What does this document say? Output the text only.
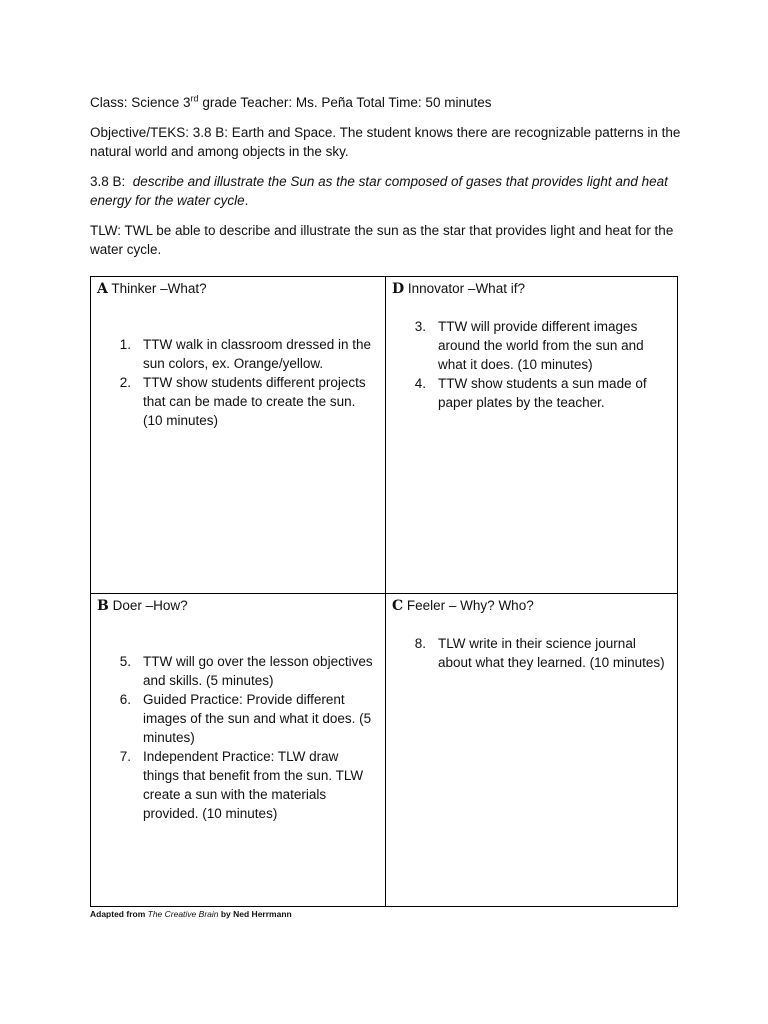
Class: Science 3rd grade Teacher: Ms. Peña Total Time: 50 minutes

Objective/TEKS: 3.8 B: Earth and Space. The student knows there are recognizable patterns in the natural world and among objects in the sky.

3.8 B: describe and illustrate the Sun as the star composed of gases that provides light and heat energy for the water cycle.

TLW: TWL be able to describe and illustrate the sun as the star that provides light and heat for the water cycle.

A Thinker –What?
1. TTW walk in classroom dressed in the sun colors, ex. Orange/yellow.
2. TTW show students different projects that can be made to create the sun. (10 minutes)
D Innovator –What if?
3. TTW will provide different images around the world from the sun and what it does. (10 minutes)
4. TTW show students a sun made of paper plates by the teacher.
B Doer –How?
5. TTW will go over the lesson objectives and skills. (5 minutes)
6. Guided Practice: Provide different images of the sun and what it does. (5 minutes)
7. Independent Practice: TLW draw things that benefit from the sun. TLW create a sun with the materials provided. (10 minutes)
C Feeler – Why? Who?
8. TLW write in their science journal about what they learned. (10 minutes)
Adapted from The Creative Brain by Ned Herrmann
